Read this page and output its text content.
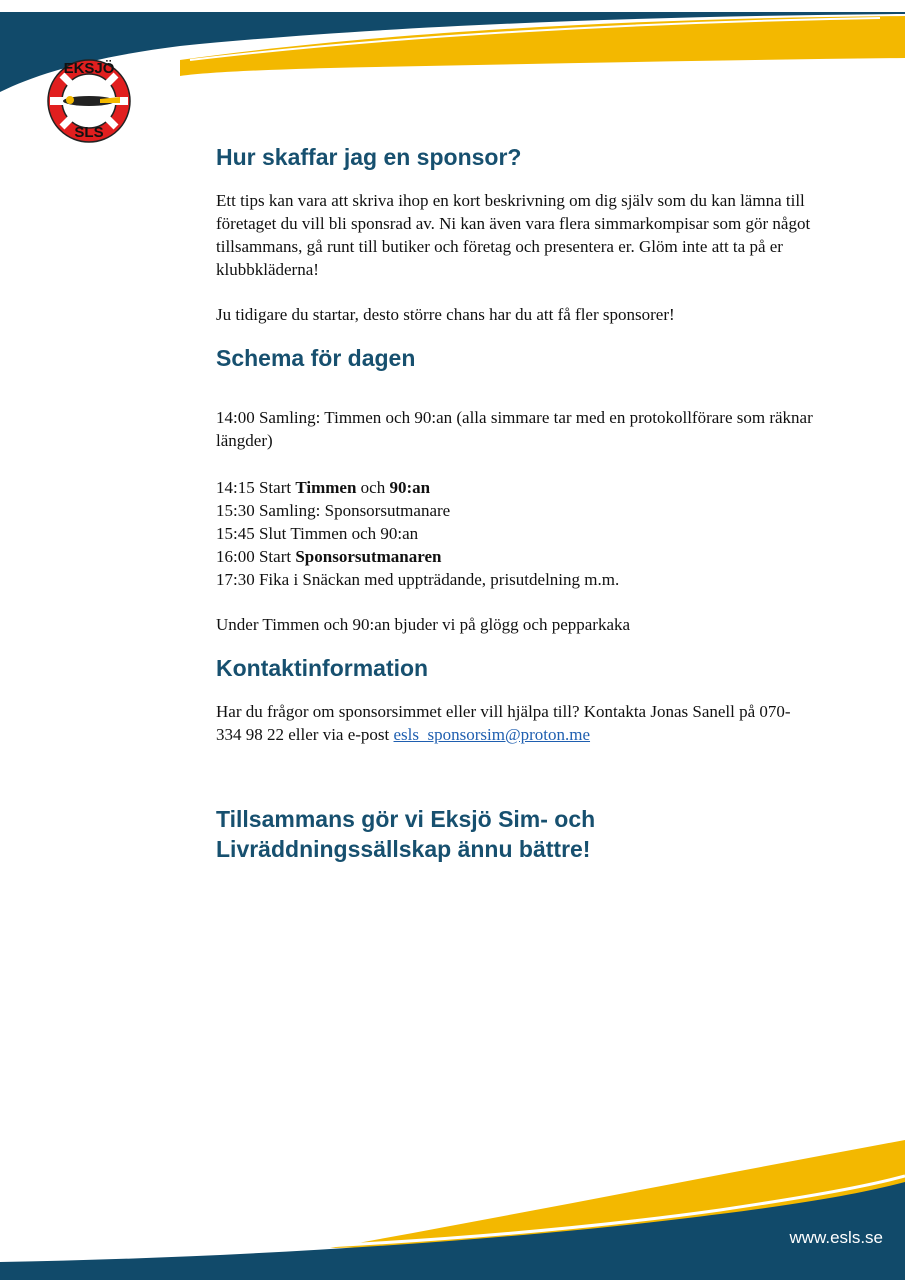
EKSJÖ
SLS
Hur skaffar jag en sponsor?

Ett tips kan vara att skriva ihop en kort beskrivning om dig själv som du kan lämna till företaget du vill bli sponsrad av. Ni kan även vara flera simmarkompisar som gör något tillsammans, gå runt till butiker och företag och presentera er. Glöm inte att ta på er klubbkläderna!

Ju tidigare du startar, desto större chans har du att få fler sponsorer!

Schema för dagen

14:00 Samling: Timmen och 90:an (alla simmare tar med en protokollförare som räknar längder)

14:15 Start Timmen och 90:an

15:30 Samling: Sponsorsutmanare

15:45 Slut Timmen och 90:an

16:00 Start Sponsorsutmanaren

17:30 Fika i Snäckan med uppträdande, prisutdelning m.m.

Under Timmen och 90:an bjuder vi på glögg och pepparkaka

Kontaktinformation

Har du frågor om sponsorsimmet eller vill hjälpa till? Kontakta Jonas Sanell på 070-334 98 22 eller via e-post esls_sponsorsim@proton.me

Tillsammans gör vi Eksjö Sim- och

Livräddningssällskap ännu bättre!

www.esls.se
